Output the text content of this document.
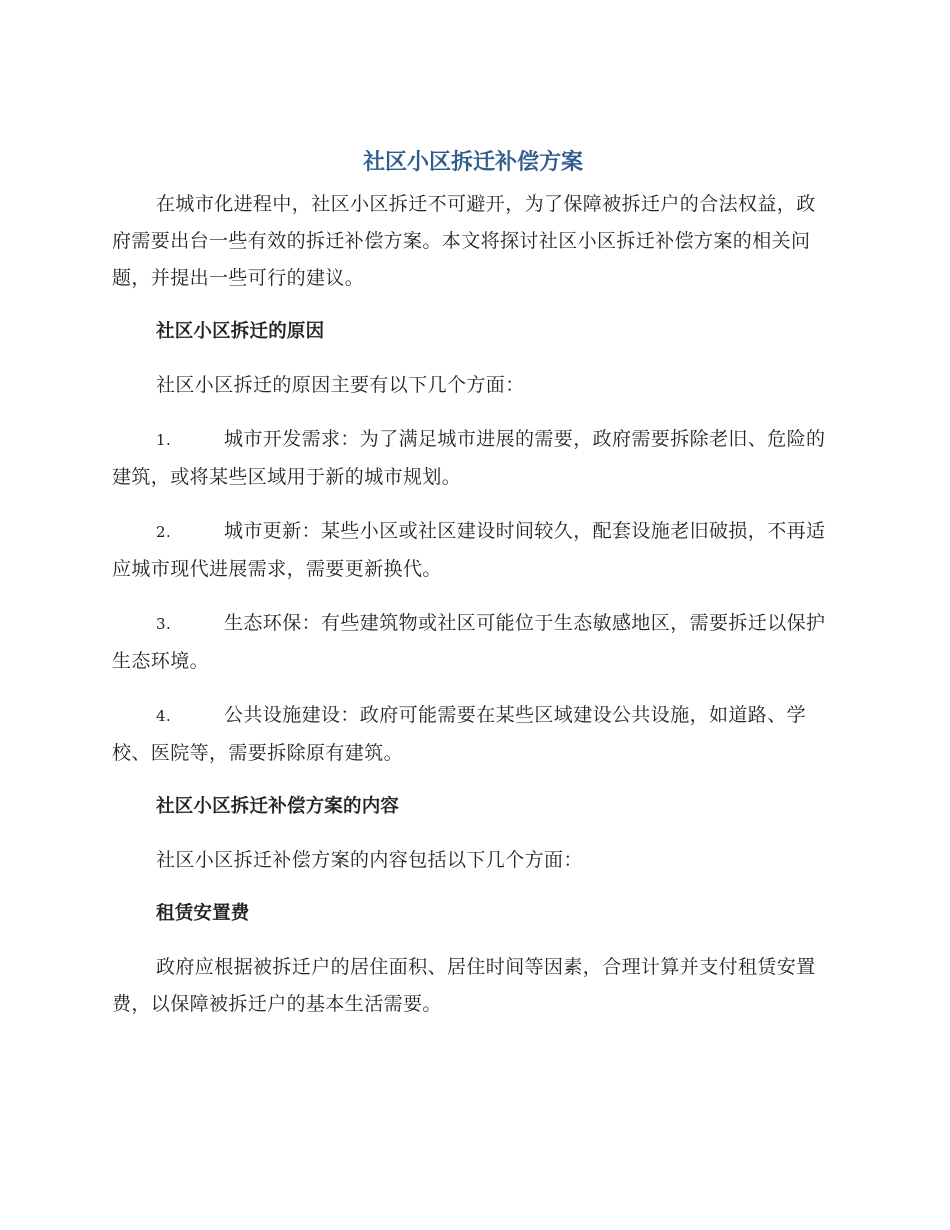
社区小区拆迁补偿方案

在城市化进程中，社区小区拆迁不可避开，为了保障被拆迁户的合法权益，政府需要出台一些有效的拆迁补偿方案。本文将探讨社区小区拆迁补偿方案的相关问题，并提出一些可行的建议。

社区小区拆迁的原因

社区小区拆迁的原因主要有以下几个方面：

1.	城市开发需求：为了满足城市进展的需要，政府需要拆除老旧、危险的建筑，或将某些区域用于新的城市规划。

2.	城市更新：某些小区或社区建设时间较久，配套设施老旧破损，不再适应城市现代进展需求，需要更新换代。

3.	生态环保：有些建筑物或社区可能位于生态敏感地区，需要拆迁以保护生态环境。

4.	公共设施建设：政府可能需要在某些区域建设公共设施，如道路、学校、医院等，需要拆除原有建筑。

社区小区拆迁补偿方案的内容

社区小区拆迁补偿方案的内容包括以下几个方面：

租赁安置费

政府应根据被拆迁户的居住面积、居住时间等因素，合理计算并支付租赁安置费，以保障被拆迁户的基本生活需要。
